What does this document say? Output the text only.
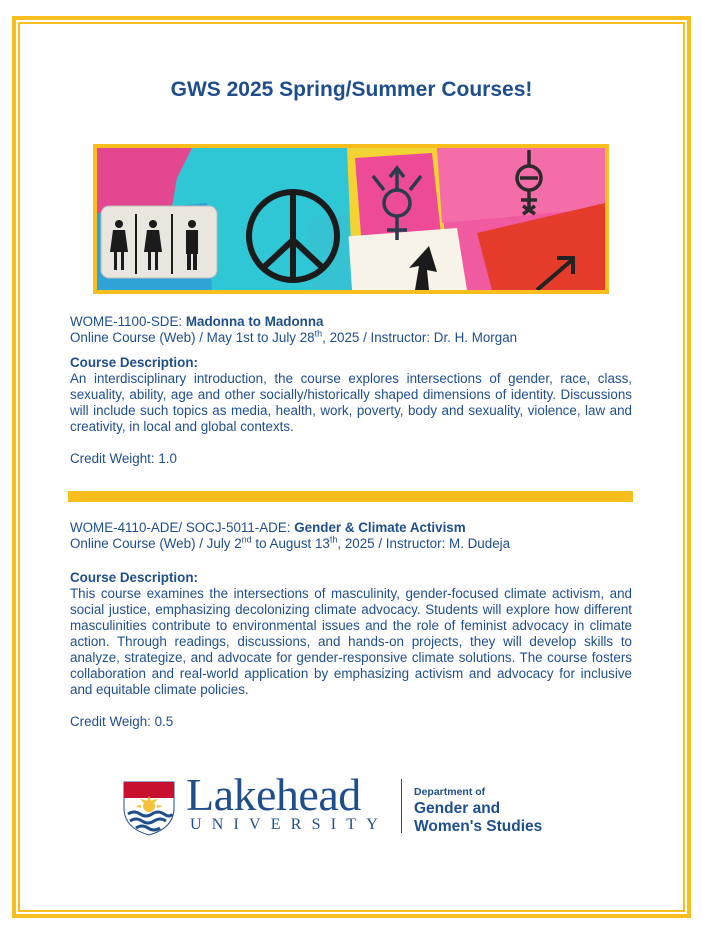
GWS 2025 Spring/Summer Courses!
WOME-1100-SDE: Madonna to Madonna
Online Course (Web) / May 1st to July 28th, 2025 / Instructor: Dr. H. Morgan
Course Description:
An interdisciplinary introduction, the course explores intersections of gender, race, class, sexuality, ability, age and other socially/historically shaped dimensions of identity. Discussions will include such topics as media, health, work, poverty, body and sexuality, violence, law and creativity, in local and global contexts.
Credit Weight: 1.0
WOME-4110-ADE/ SOCJ-5011-ADE: Gender & Climate Activism
Online Course (Web) / July 2nd to August 13th, 2025 / Instructor: M. Dudeja
Course Description:
This course examines the intersections of masculinity, gender-focused climate activism, and social justice, emphasizing decolonizing climate advocacy. Students will explore how different masculinities contribute to environmental issues and the role of feminist advocacy in climate action. Through readings, discussions, and hands-on projects, they will develop skills to analyze, strategize, and advocate for gender-responsive climate solutions. The course fosters collaboration and real-world application by emphasizing activism and advocacy for inclusive and equitable climate policies.
Credit Weigh: 0.5
Lakehead
UNIVERSITY
Department of
Gender and
Women's Studies
